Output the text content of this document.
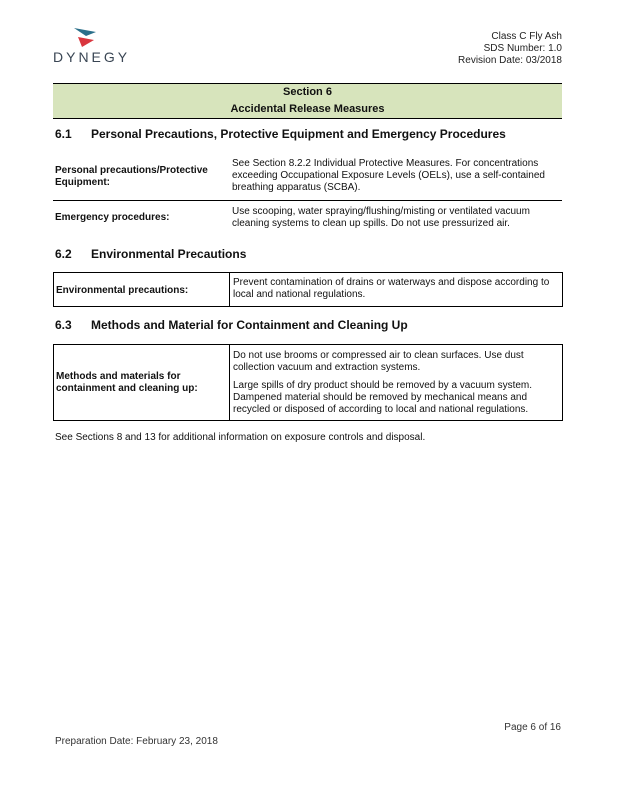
DYNEGY
Class C Fly Ash
SDS Number: 1.0
Revision Date: 03/2018
Section 6
Accidental Release Measures
6.1 Personal Precautions, Protective Equipment and Emergency Procedures
Personal precautions/Protective Equipment:
See Section 8.2.2 Individual Protective Measures. For concentrations exceeding Occupational Exposure Levels (OELs), use a self-contained breathing apparatus (SCBA).
Emergency procedures:
Use scooping, water spraying/flushing/misting or ventilated vacuum cleaning systems to clean up spills. Do not use pressurized air.
6.2 Environmental Precautions
Environmental precautions:
Prevent contamination of drains or waterways and dispose according to local and national regulations.
6.3 Methods and Material for Containment and Cleaning Up
Methods and materials for containment and cleaning up:
Do not use brooms or compressed air to clean surfaces. Use dust collection vacuum and extraction systems.
Large spills of dry product should be removed by a vacuum system. Dampened material should be removed by mechanical means and recycled or disposed of according to local and national regulations.
See Sections 8 and 13 for additional information on exposure controls and disposal.
Page 6 of 16
Preparation Date: February 23, 2018
